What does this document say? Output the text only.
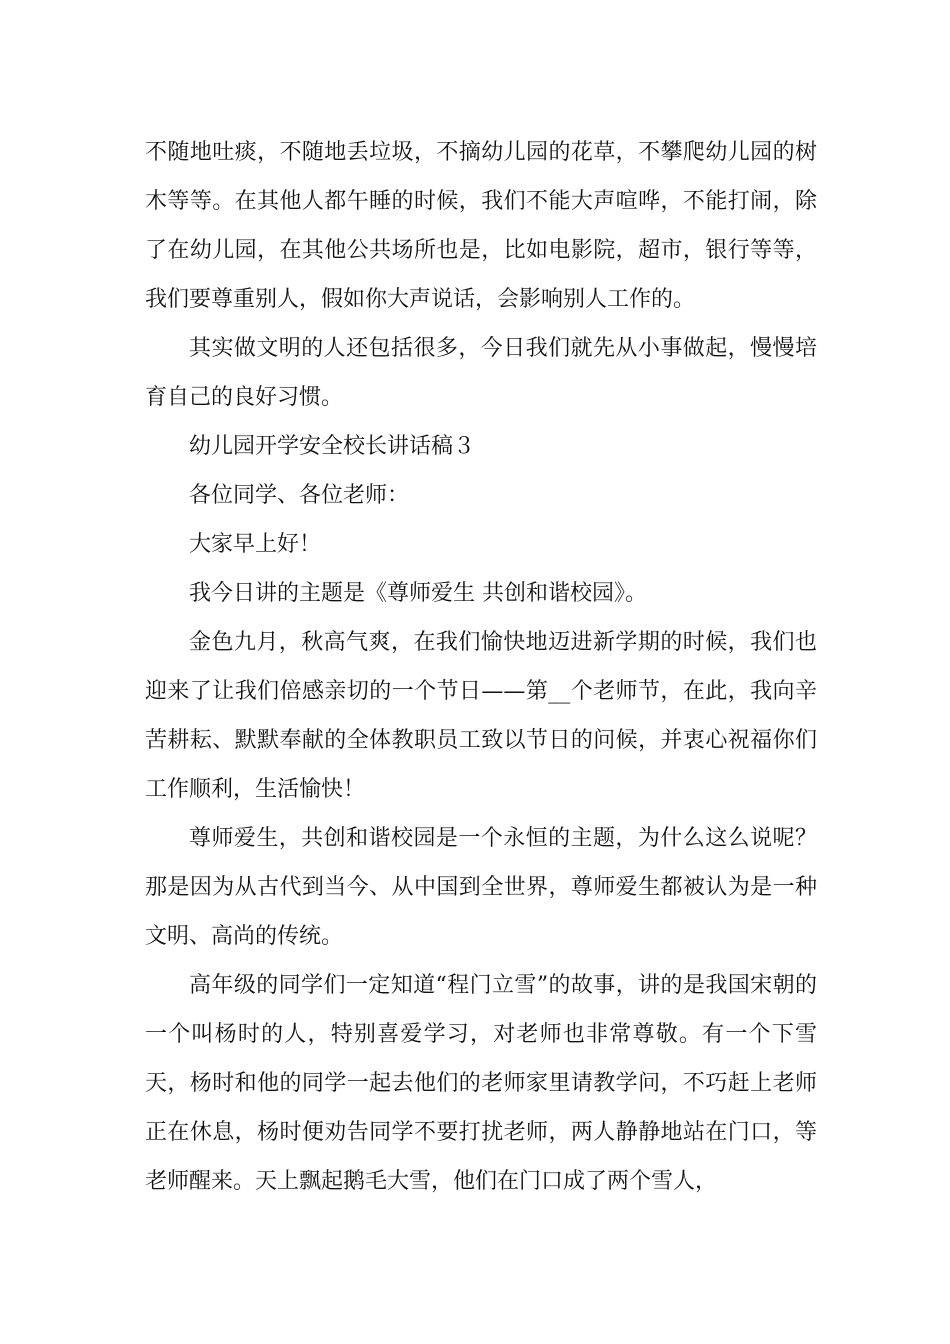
不随地吐痰，不随地丢垃圾，不摘幼儿园的花草，不攀爬幼儿园的树木等等。在其他人都午睡的时候，我们不能大声喧哗，不能打闹，除了在幼儿园，在其他公共场所也是，比如电影院，超市，银行等等，我们要尊重别人，假如你大声说话，会影响别人工作的。

其实做文明的人还包括很多，今日我们就先从小事做起，慢慢培育自己的良好习惯。

幼儿园开学安全校长讲话稿３

各位同学、各位老师：

大家早上好！

我今日讲的主题是《尊师爱生 共创和谐校园》。

金色九月，秋高气爽，在我们愉快地迈进新学期的时候，我们也迎来了让我们倍感亲切的一个节日——第__个老师节，在此，我向辛苦耕耘、默默奉献的全体教职员工致以节日的问候，并衷心祝福你们工作顺利，生活愉快！

尊师爱生，共创和谐校园是一个永恒的主题，为什么这么说呢？那是因为从古代到当今、从中国到全世界，尊师爱生都被认为是一种文明、高尚的传统。

高年级的同学们一定知道“程门立雪”的故事，讲的是我国宋朝的一个叫杨时的人，特别喜爱学习，对老师也非常尊敬。有一个下雪天，杨时和他的同学一起去他们的老师家里请教学问，不巧赶上老师正在休息，杨时便劝告同学不要打扰老师，两人静静地站在门口，等老师醒来。天上飘起鹅毛大雪，他们在门口成了两个雪人，
